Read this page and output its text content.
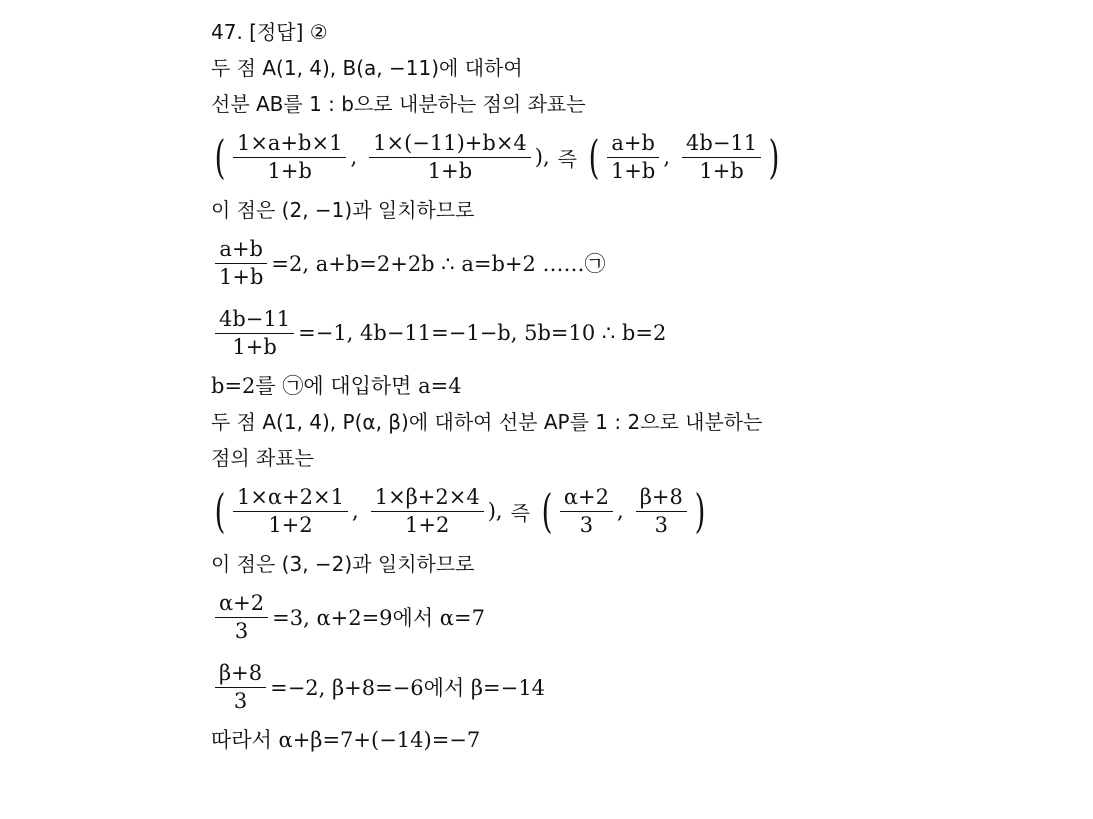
47. [정답] ②
두 점 A(1, 4), B(a, −11)에 대하여
선분 AB를 1 : b으로 내분하는 점의 좌표는
( $\frac{1\times a+b\times 1}{1+b}$ , $\frac{1\times(-11)+b\times 4}{1+b}$ ), 즉 ( $\frac{a+b}{1+b}$ , $\frac{4b-11}{1+b}$ )
이 점은 (2, −1)과 일치하므로
$\frac{a+b}{1+b} =2$, a+b=2+2b ∴ a=b+2 ……㉠
$\frac{4b-11}{1+b} =-1$, 4b−11=−1−b, 5b=10 ∴ b=2
b=2를 ㉠에 대입하면 a=4
두 점 A(1, 4), P(α, β)에 대하여 선분 AP를 1 : 2으로 내분하는
점의 좌표는
( $\frac{1\times\alpha+2\times 1}{1+2}$ , $\frac{1\times\beta+2\times 4}{1+2}$ ), 즉 ( $\frac{\alpha+2}{3}$ , $\frac{\beta+8}{3}$ )
이 점은 (3, −2)과 일치하므로
$\frac{\alpha+2}{3} =3$, α+2=9에서 α=7
$\frac{\beta+8}{3} =-2$, β+8=−6에서 β=−14
따라서 α+β=7+(−14)=−7
